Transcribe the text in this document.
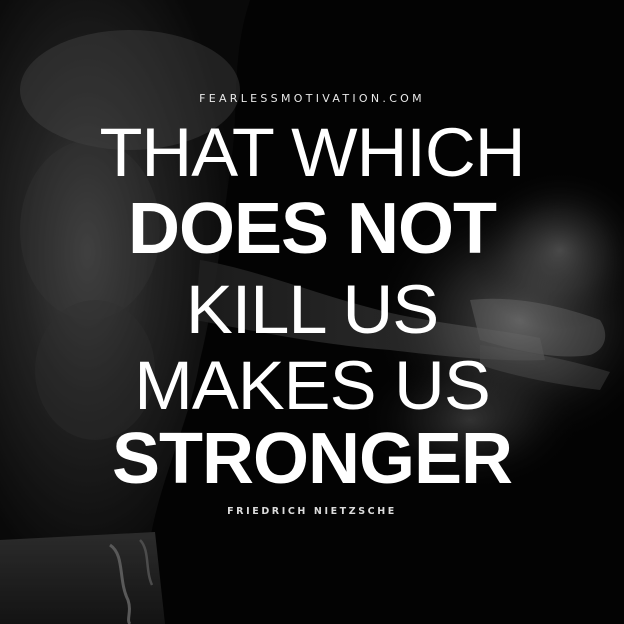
FEARLESSMOTIVATION.COM
THAT WHICH
DOES NOT
KILL US
MAKES US
STRONGER
FRIEDRICH NIETZSCHE
